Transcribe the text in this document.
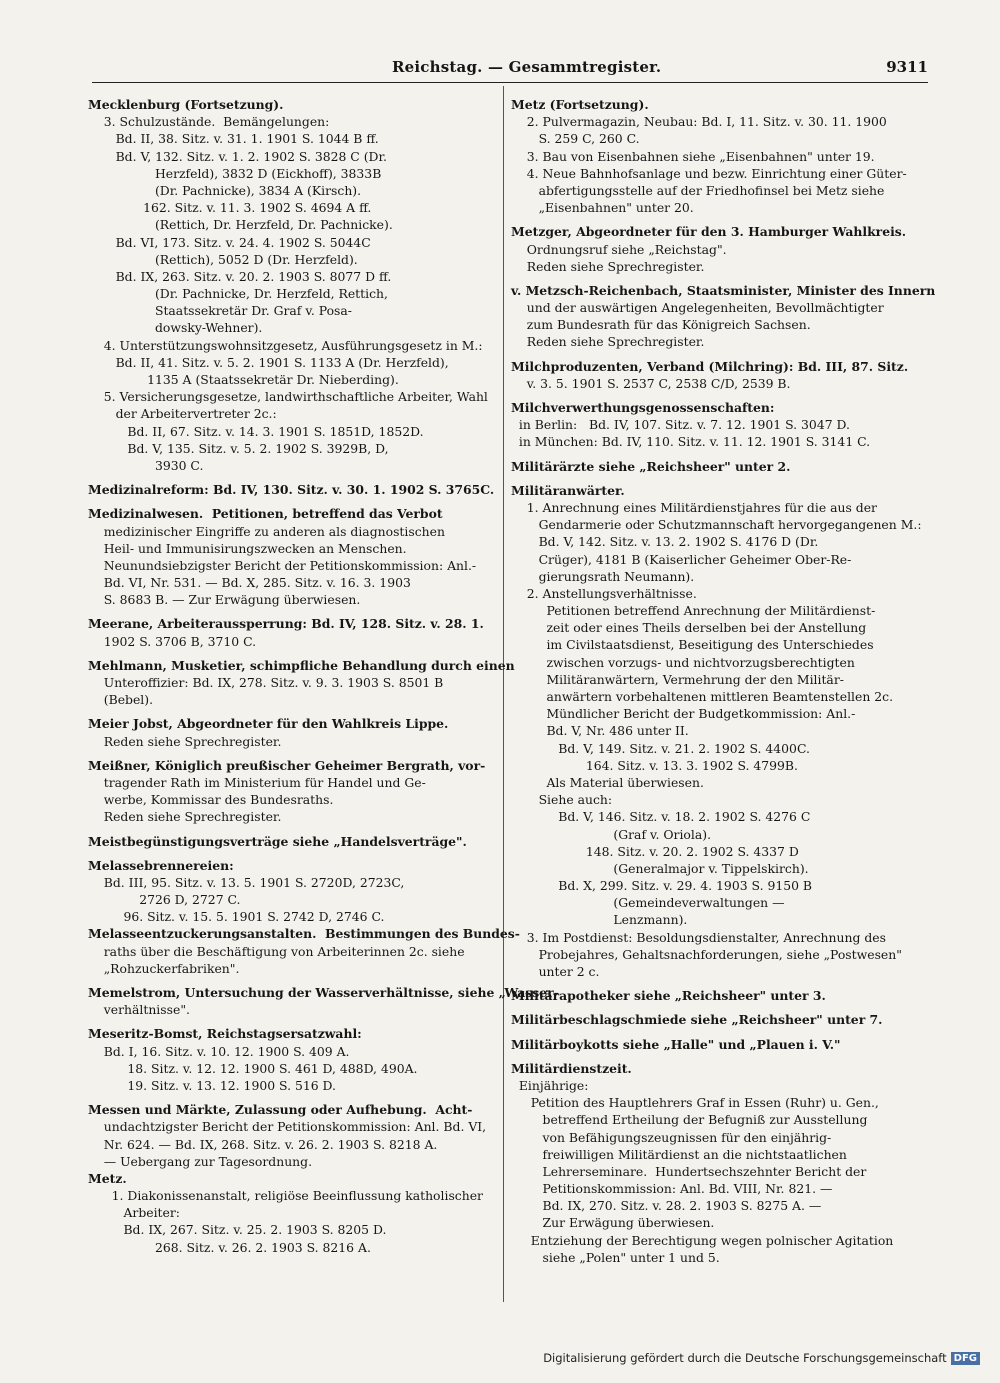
Reichstag. — Gesammtregister.	9311
Mecklenburg (Fortsetzung).
3. Schulzustände.  Bemängelungen:
Bd. II, 38. Sitz. v. 31. 1. 1901 S. 1044 B ff.
Bd. V, 132. Sitz. v. 1. 2. 1902 S. 3828 C (Dr.
Herzfeld), 3832 D (Eickhoff), 3833B
(Dr. Pachnicke), 3834 A (Kirsch).
162. Sitz. v. 11. 3. 1902 S. 4694 A ff.
(Rettich, Dr. Herzfeld, Dr. Pachnicke).
Bd. VI, 173. Sitz. v. 24. 4. 1902 S. 5044C
(Rettich), 5052 D (Dr. Herzfeld).
Bd. IX, 263. Sitz. v. 20. 2. 1903 S. 8077 D ff.
(Dr. Pachnicke, Dr. Herzfeld, Rettich,
Staatssekretär Dr. Graf v. Posa-
dowsky-Wehner).
4. Unterstützungswohnsitzgesetz, Ausführungsgesetz in M.:
Bd. II, 41. Sitz. v. 5. 2. 1901 S. 1133 A (Dr. Herzfeld),
1135 A (Staatssekretär Dr. Nieberding).
5. Versicherungsgesetze, landwirthschaftliche Arbeiter, Wahl
der Arbeitervertreter 2c.:
Bd. II, 67. Sitz. v. 14. 3. 1901 S. 1851D, 1852D.
Bd. V, 135. Sitz. v. 5. 2. 1902 S. 3929B, D,
3930 C.
Medizinalreform: Bd. IV, 130. Sitz. v. 30. 1. 1902 S. 3765C.
Medizinalwesen.  Petitionen, betreffend das Verbot
medizinischer Eingriffe zu anderen als diagnostischen
Heil- und Immunisirungszwecken an Menschen.
Neunundsiebzigster Bericht der Petitionskommission: Anl.-
Bd. VI, Nr. 531. — Bd. X, 285. Sitz. v. 16. 3. 1903
S. 8683 B. — Zur Erwägung überwiesen.
Meerane, Arbeiteraussperrung: Bd. IV, 128. Sitz. v. 28. 1.
1902 S. 3706 B, 3710 C.
Mehlmann, Musketier, schimpfliche Behandlung durch einen
Unteroffizier: Bd. IX, 278. Sitz. v. 9. 3. 1903 S. 8501 B
(Bebel).
Meier Jobst, Abgeordneter für den Wahlkreis Lippe.
Reden siehe Sprechregister.
Meißner, Königlich preußischer Geheimer Bergrath, vor-
tragender Rath im Ministerium für Handel und Ge-
werbe, Kommissar des Bundesraths.
Reden siehe Sprechregister.
Meistbegünstigungsverträge siehe „Handelsverträge".
Melassebrennereien:
Bd. III, 95. Sitz. v. 13. 5. 1901 S. 2720D, 2723C,
2726 D, 2727 C.
96. Sitz. v. 15. 5. 1901 S. 2742 D, 2746 C.
Melasseentzuckerungsanstalten.  Bestimmungen des Bundes-
raths über die Beschäftigung von Arbeiterinnen 2c. siehe
„Rohzuckerfabriken".
Memelstrom, Untersuchung der Wasserverhältnisse, siehe „Wasser-
verhältnisse".
Meseritz-Bomst, Reichstagsersatzwahl:
Bd. I, 16. Sitz. v. 10. 12. 1900 S. 409 A.
18. Sitz. v. 12. 12. 1900 S. 461 D, 488D, 490A.
19. Sitz. v. 13. 12. 1900 S. 516 D.
Messen und Märkte, Zulassung oder Aufhebung.  Acht-
undachtzigster Bericht der Petitionskommission: Anl. Bd. VI,
Nr. 624. — Bd. IX, 268. Sitz. v. 26. 2. 1903 S. 8218 A.
— Uebergang zur Tagesordnung.
Metz.
1. Diakonissenanstalt, religiöse Beeinflussung katholischer
Arbeiter:
Bd. IX, 267. Sitz. v. 25. 2. 1903 S. 8205 D.
268. Sitz. v. 26. 2. 1903 S. 8216 A.
Metz (Fortsetzung).
2. Pulvermagazin, Neubau: Bd. I, 11. Sitz. v. 30. 11. 1900
S. 259 C, 260 C.
3. Bau von Eisenbahnen siehe „Eisenbahnen" unter 19.
4. Neue Bahnhofsanlage und bezw. Einrichtung einer Güter-
abfertigungsstelle auf der Friedhofinsel bei Metz siehe
„Eisenbahnen" unter 20.
Metzger, Abgeordneter für den 3. Hamburger Wahlkreis.
Ordnungsruf siehe „Reichstag".
Reden siehe Sprechregister.
v. Metzsch-Reichenbach, Staatsminister, Minister des Innern
und der auswärtigen Angelegenheiten, Bevollmächtigter
zum Bundesrath für das Königreich Sachsen.
Reden siehe Sprechregister.
Milchproduzenten, Verband (Milchring): Bd. III, 87. Sitz.
v. 3. 5. 1901 S. 2537 C, 2538 C/D, 2539 B.
Milchverwerthungsgenossenschaften:
in Berlin:   Bd. IV, 107. Sitz. v. 7. 12. 1901 S. 3047 D.
in München: Bd. IV, 110. Sitz. v. 11. 12. 1901 S. 3141 C.
Militärärzte siehe „Reichsheer" unter 2.
Militäranwärter.
1. Anrechnung eines Militärdienstjahres für die aus der
Gendarmerie oder Schutzmannschaft hervorgegangenen M.:
Bd. V, 142. Sitz. v. 13. 2. 1902 S. 4176 D (Dr.
Crüger), 4181 B (Kaiserlicher Geheimer Ober-Re-
gierungsrath Neumann).
2. Anstellungsverhältnisse.
Petitionen betreffend Anrechnung der Militärdienst-
zeit oder eines Theils derselben bei der Anstellung
im Civilstaatsdienst, Beseitigung des Unterschiedes
zwischen vorzugs- und nichtvorzugsberechtigten
Militäranwärtern, Vermehrung der den Militär-
anwärtern vorbehaltenen mittleren Beamtenstellen 2c.
Mündlicher Bericht der Budgetkommission: Anl.-
Bd. V, Nr. 486 unter II.
Bd. V, 149. Sitz. v. 21. 2. 1902 S. 4400C.
164. Sitz. v. 13. 3. 1902 S. 4799B.
Als Material überwiesen.
Siehe auch:
Bd. V, 146. Sitz. v. 18. 2. 1902 S. 4276 C
(Graf v. Oriola).
148. Sitz. v. 20. 2. 1902 S. 4337 D
(Generalmajor v. Tippelskirch).
Bd. X, 299. Sitz. v. 29. 4. 1903 S. 9150 B
(Gemeindeverwaltungen —
Lenzmann).
3. Im Postdienst: Besoldungsdienstalter, Anrechnung des
Probejahres, Gehaltsnachforderungen, siehe „Postwesen"
unter 2 c.
Militärapotheker siehe „Reichsheer" unter 3.
Militärbeschlagschmiede siehe „Reichsheer" unter 7.
Militärboykotts siehe „Halle" und „Plauen i. V."
Militärdienstzeit.
Einjährige:
Petition des Hauptlehrers Graf in Essen (Ruhr) u. Gen.,
betreffend Ertheilung der Befugniß zur Ausstellung
von Befähigungszeugnissen für den einjährig-
freiwilligen Militärdienst an die nichtstaatlichen
Lehrerseminare.  Hundertsechszehnter Bericht der
Petitionskommission: Anl. Bd. VIII, Nr. 821. —
Bd. IX, 270. Sitz. v. 28. 2. 1903 S. 8275 A. —
Zur Erwägung überwiesen.
Entziehung der Berechtigung wegen polnischer Agitation
siehe „Polen" unter 1 und 5.
Digitalisierung gefördert durch die Deutsche Forschungsgemeinschaft DFG
